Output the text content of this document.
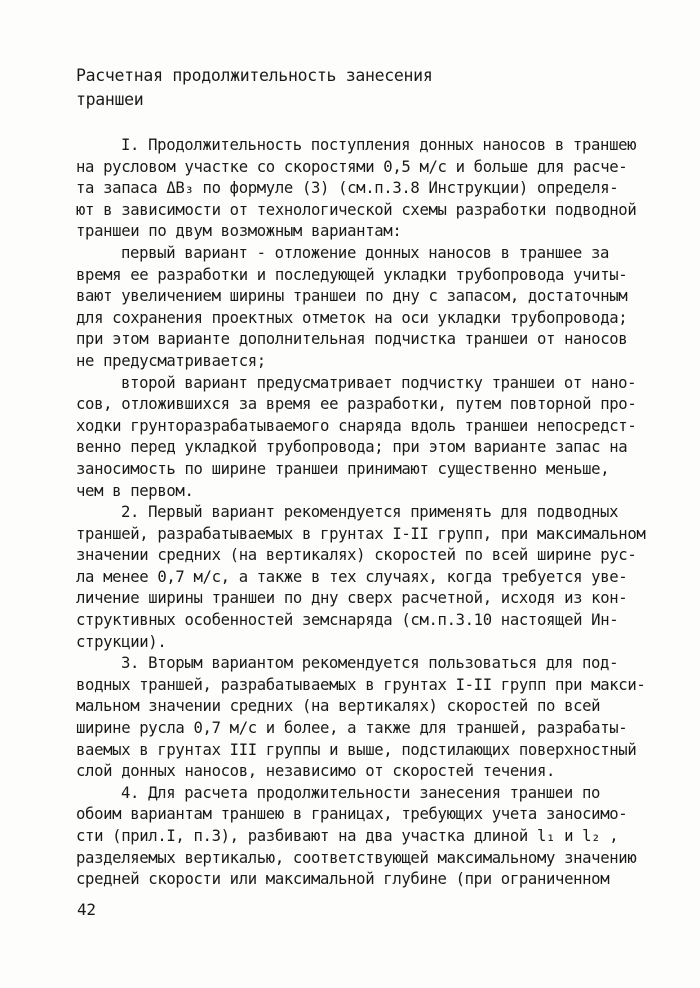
Расчетная продолжительность занесения
траншеи
I. Продолжительность поступления донных наносов в траншею
на русловом участке со скоростями 0,5 м/с и больше для расче-
та запаса ΔB₃ по формуле (3) (см.п.3.8 Инструкции) определя-
ют в зависимости от технологической схемы разработки подводной
траншеи по двум возможным вариантам:
первый вариант - отложение донных наносов в траншее за
время ее разработки и последующей укладки трубопровода учиты-
вают увеличением ширины траншеи по дну с запасом, достаточным
для сохранения проектных отметок на оси укладки трубопровода;
при этом варианте дополнительная подчистка траншеи от наносов
не предусматривается;
второй вариант предусматривает подчистку траншеи от нано-
сов, отложившихся за время ее разработки, путем повторной про-
ходки грунторазрабатываемого снаряда вдоль траншеи непосредст-
венно перед укладкой трубопровода; при этом варианте запас на
заносимость по ширине траншеи принимают существенно меньше,
чем в первом.
2. Первый вариант рекомендуется применять для подводных
траншей, разрабатываемых в грунтах I-II групп, при максимальном
значении средних (на вертикалях) скоростей по всей ширине рус-
ла менее 0,7 м/с, а также в тех случаях, когда требуется уве-
личение ширины траншеи по дну сверх расчетной, исходя из кон-
структивных особенностей земснаряда (см.п.3.10 настоящей Ин-
струкции).
3. Вторым вариантом рекомендуется пользоваться для под-
водных траншей, разрабатываемых в грунтах I-II групп при макси-
мальном значении средних (на вертикалях) скоростей по всей
ширине русла 0,7 м/с и более, а также для траншей, разрабаты-
ваемых в грунтах III группы и выше, подстилающих поверхностный
слой донных наносов, независимо от скоростей течения.
4. Для расчета продолжительности занесения траншеи по
обоим вариантам траншею в границах, требующих учета заносимо-
сти (прил.I, п.3), разбивают на два участка длиной l₁ и l₂ ,
разделяемых вертикалью, соответствующей максимальному значению
средней скорости или максимальной глубине (при ограниченном
42
